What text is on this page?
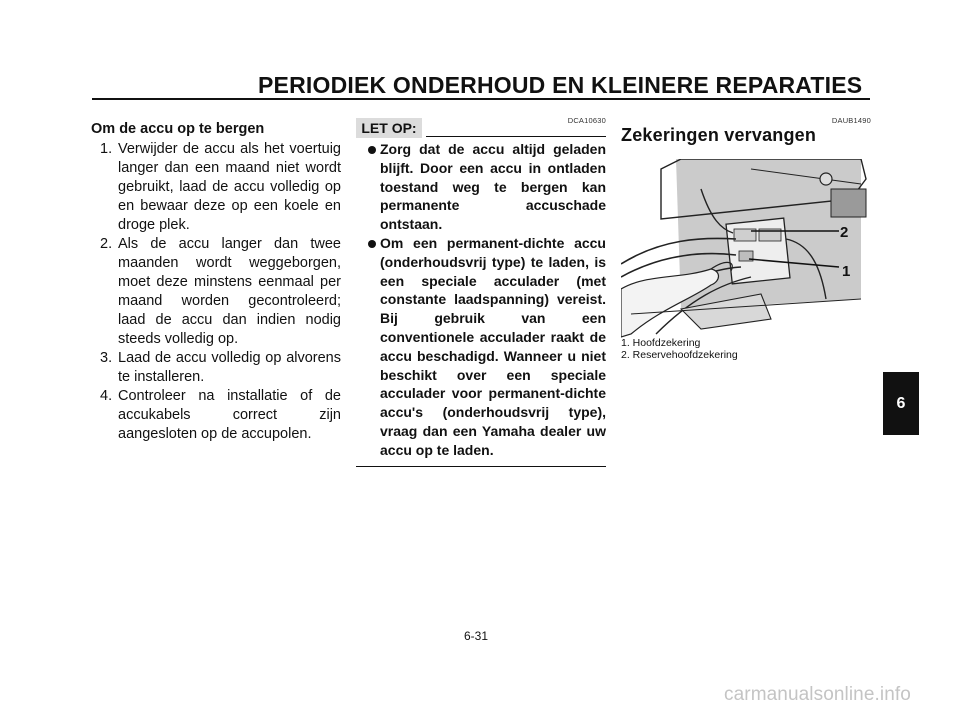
PERIODIEK ONDERHOUD EN KLEINERE REPARATIES

Om de accu op te bergen

1. Verwijder de accu als het voertuig langer dan een maand niet wordt gebruikt, laad de accu volledig op en bewaar deze op een koele en droge plek.

2. Als de accu langer dan twee maanden wordt weggeborgen, moet deze minstens eenmaal per maand worden gecontroleerd; laad de accu dan indien nodig steeds volledig op.

3. Laad de accu volledig op alvorens te installeren.

4. Controleer na installatie of de accukabels correct zijn aangesloten op de accupolen.

DCA10630
LET OP:

Zorg dat de accu altijd geladen blijft. Door een accu in ontladen toestand weg te bergen kan permanente accuschade ontstaan.

Om een permanent-dichte accu (onderhoudsvrij type) te laden, is een speciale acculader (met constante laadspanning) vereist. Bij gebruik van een conventionele acculader raakt de accu beschadigd. Wanneer u niet beschikt over een speciale acculader voor permanent-dichte accu's (onderhoudsvrij type), vraag dan een Yamaha dealer uw accu op te laden.

DAUB1490

Zekeringen vervangen

2
1
1. Hoofdzekering
2. Reservehoofdzekering
6
6-31
carmanualsonline.info
